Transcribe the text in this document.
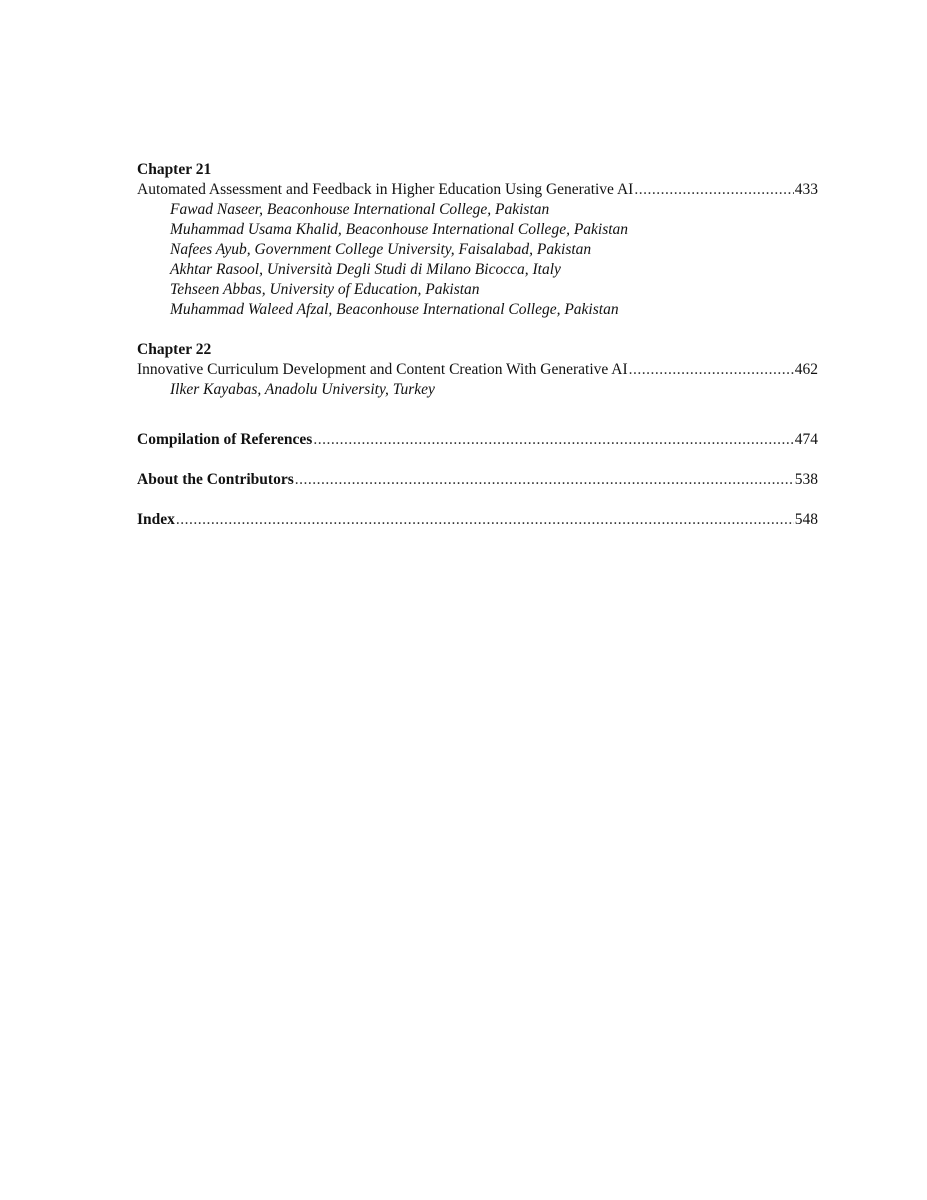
Chapter 21
Automated Assessment and Feedback in Higher Education Using Generative AI .....	433
Fawad Naseer, Beaconhouse International College, Pakistan
Muhammad Usama Khalid, Beaconhouse International College, Pakistan
Nafees Ayub, Government College University, Faisalabad, Pakistan
Akhtar Rasool, Università Degli Studi di Milano Bicocca, Italy
Tehseen Abbas, University of Education, Pakistan
Muhammad Waleed Afzal, Beaconhouse International College, Pakistan
Chapter 22
Innovative Curriculum Development and Content Creation With Generative AI .....	462
Ilker Kayabas, Anadolu University, Turkey
Compilation of References .....	474
About the Contributors .....	538
Index .....	548
